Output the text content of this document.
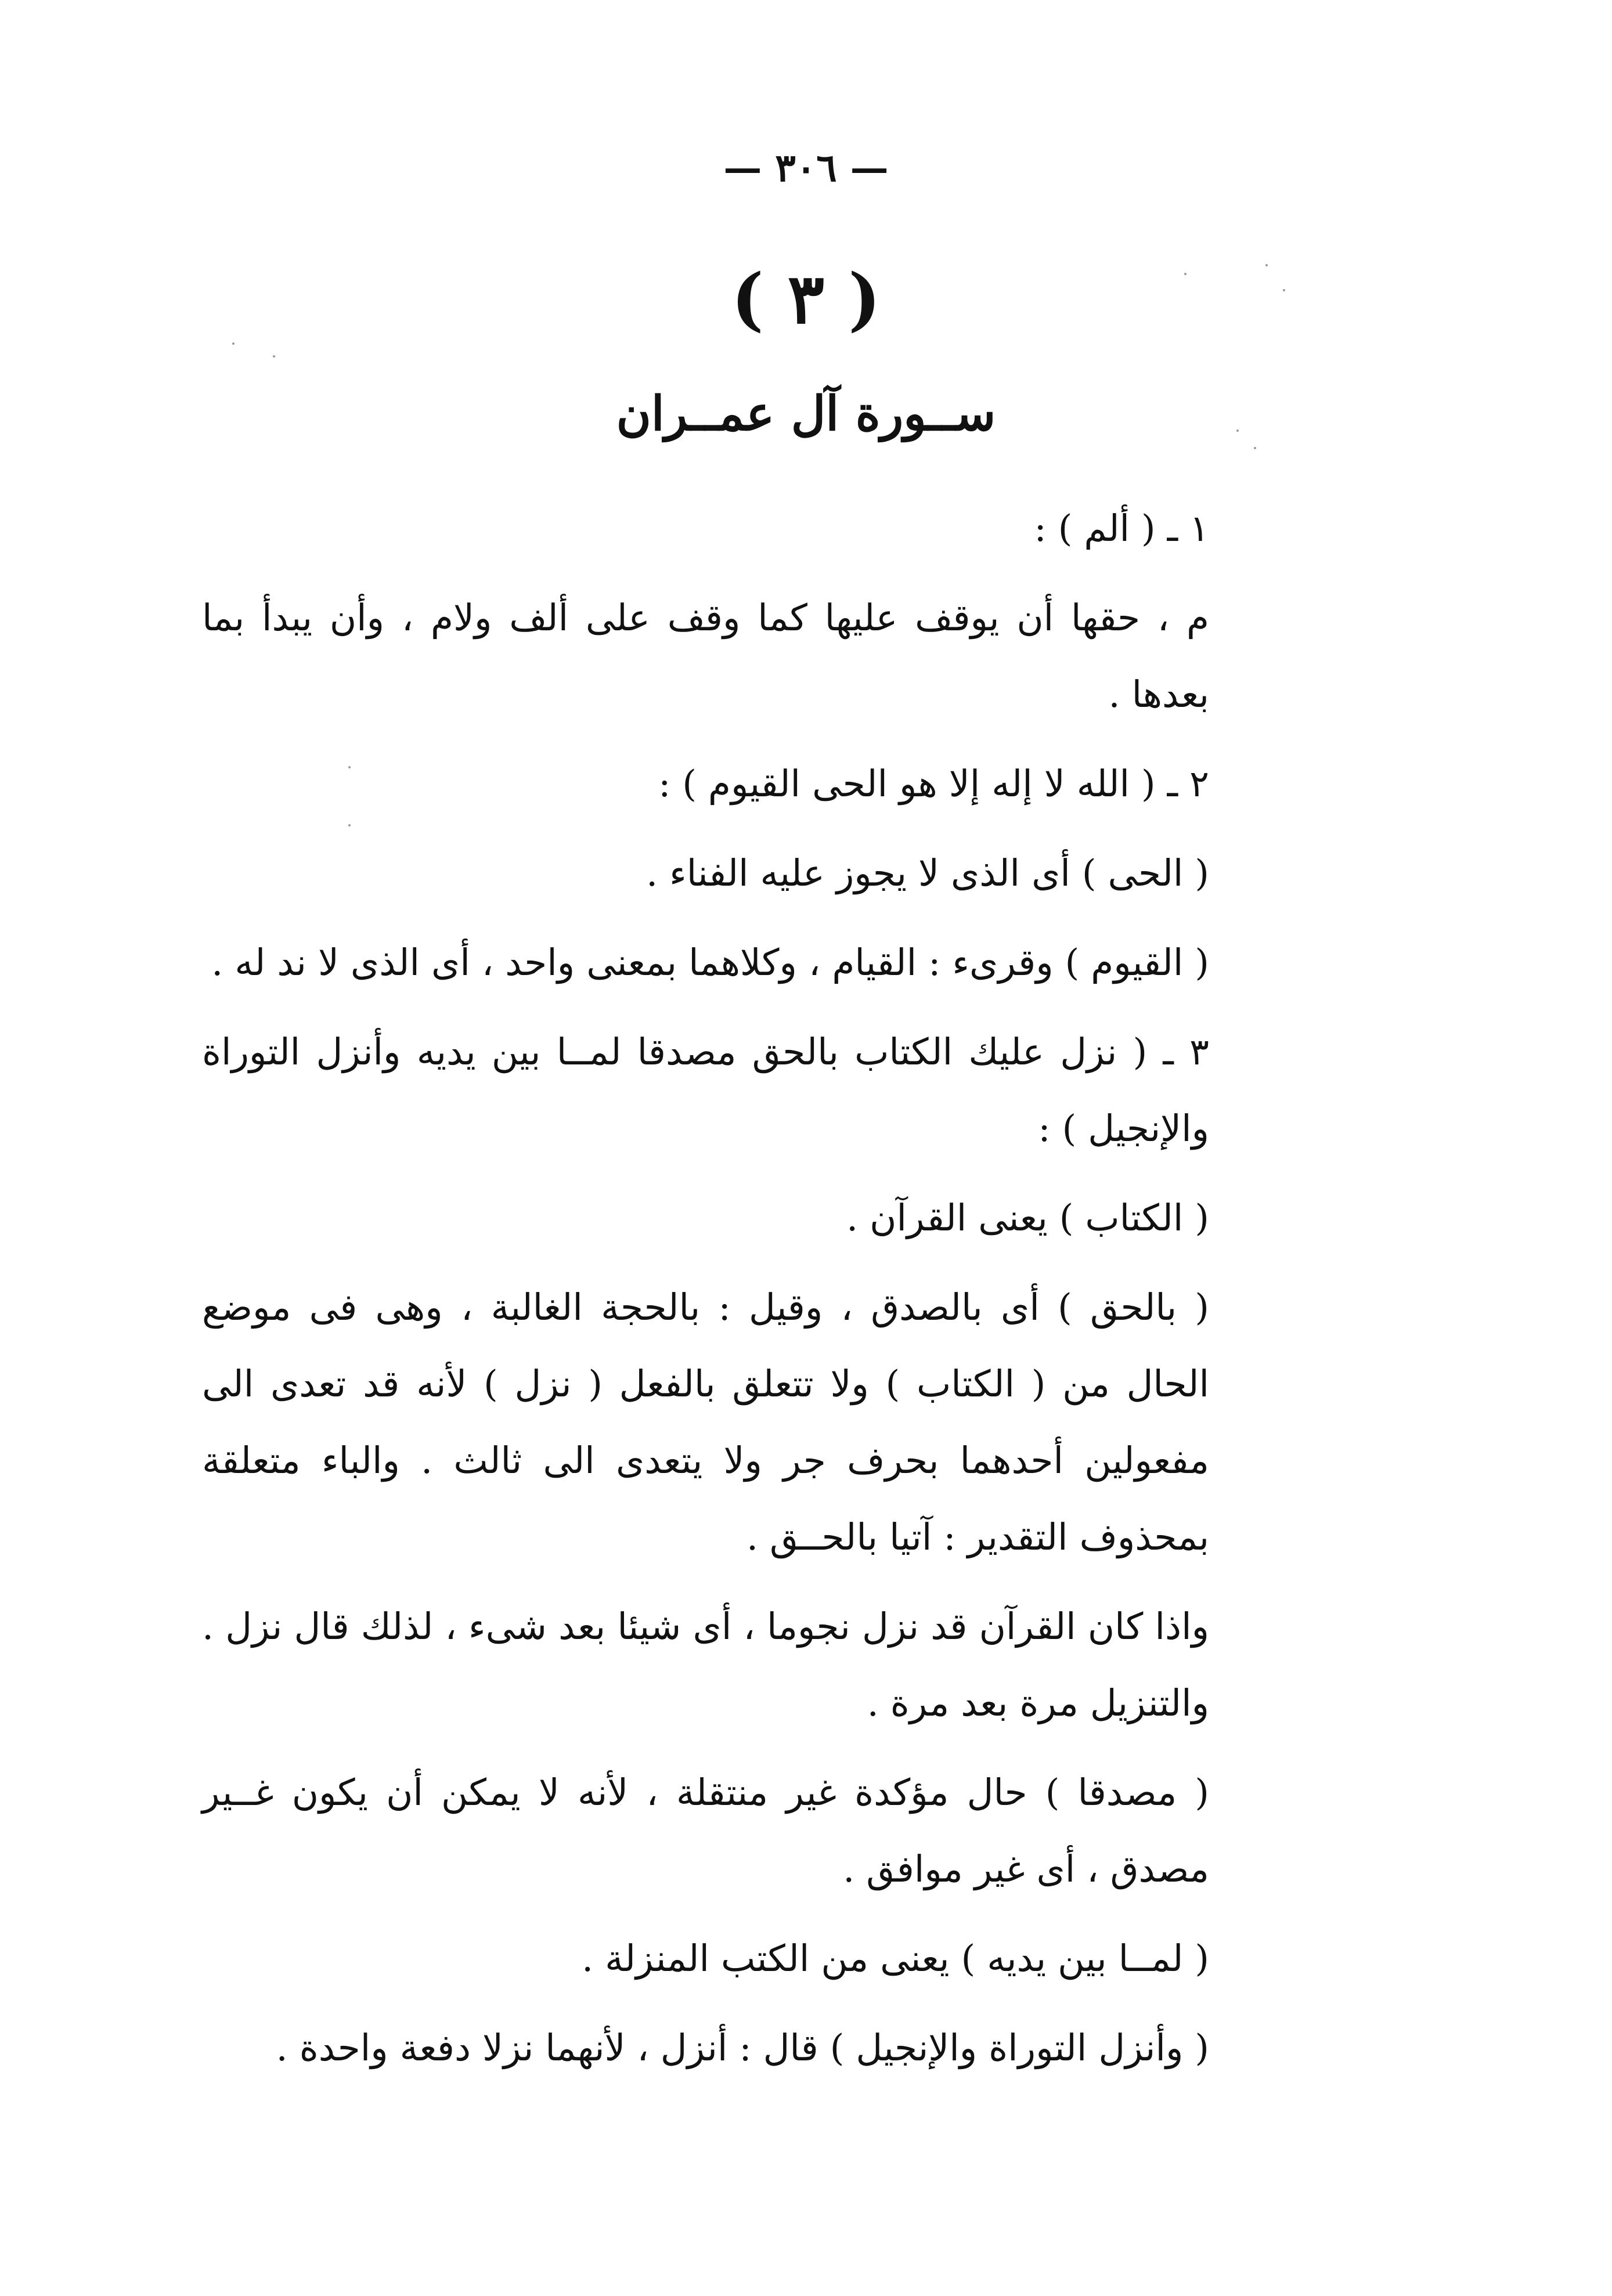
— ٣٠٦ —
( ٣ )
ســورة آل عمــران

١ ـ ( ألم ) :

م ، حقها أن يوقف عليها كما وقف على ألف ولام ، وأن يبدأ بما بعدها .

٢ ـ ( الله لا إله إلا هو الحى القيوم ) :

( الحى ) أى الذى لا يجوز عليه الفناء .

( القيوم ) وقرىء : القيام ، وكلاهما بمعنى واحد ، أى الذى لا ند له .

٣ ـ ( نزل عليك الكتاب بالحق مصدقا لمــا بين يديه وأنزل التوراة والإنجيل ) :

( الكتاب ) يعنى القرآن .

( بالحق ) أى بالصدق ، وقيل : بالحجة الغالبة ، وهى فى موضع الحال من ( الكتاب ) ولا تتعلق بالفعل ( نزل ) لأنه قد تعدى الى مفعولين أحدهما بحرف جر ولا يتعدى الى ثالث . والباء متعلقة بمحذوف التقدير : آتيا بالحــق .

واذا كان القرآن قد نزل نجوما ، أى شيئا بعد شىء ، لذلك قال نزل . والتنزيل مرة بعد مرة .

( مصدقا ) حال مؤكدة غير منتقلة ، لأنه لا يمكن أن يكون غــير مصدق ، أى غير موافق .

( لمــا بين يديه ) يعنى من الكتب المنزلة .

( وأنزل التوراة والإنجيل ) قال : أنزل ، لأنهما نزلا دفعة واحدة .
